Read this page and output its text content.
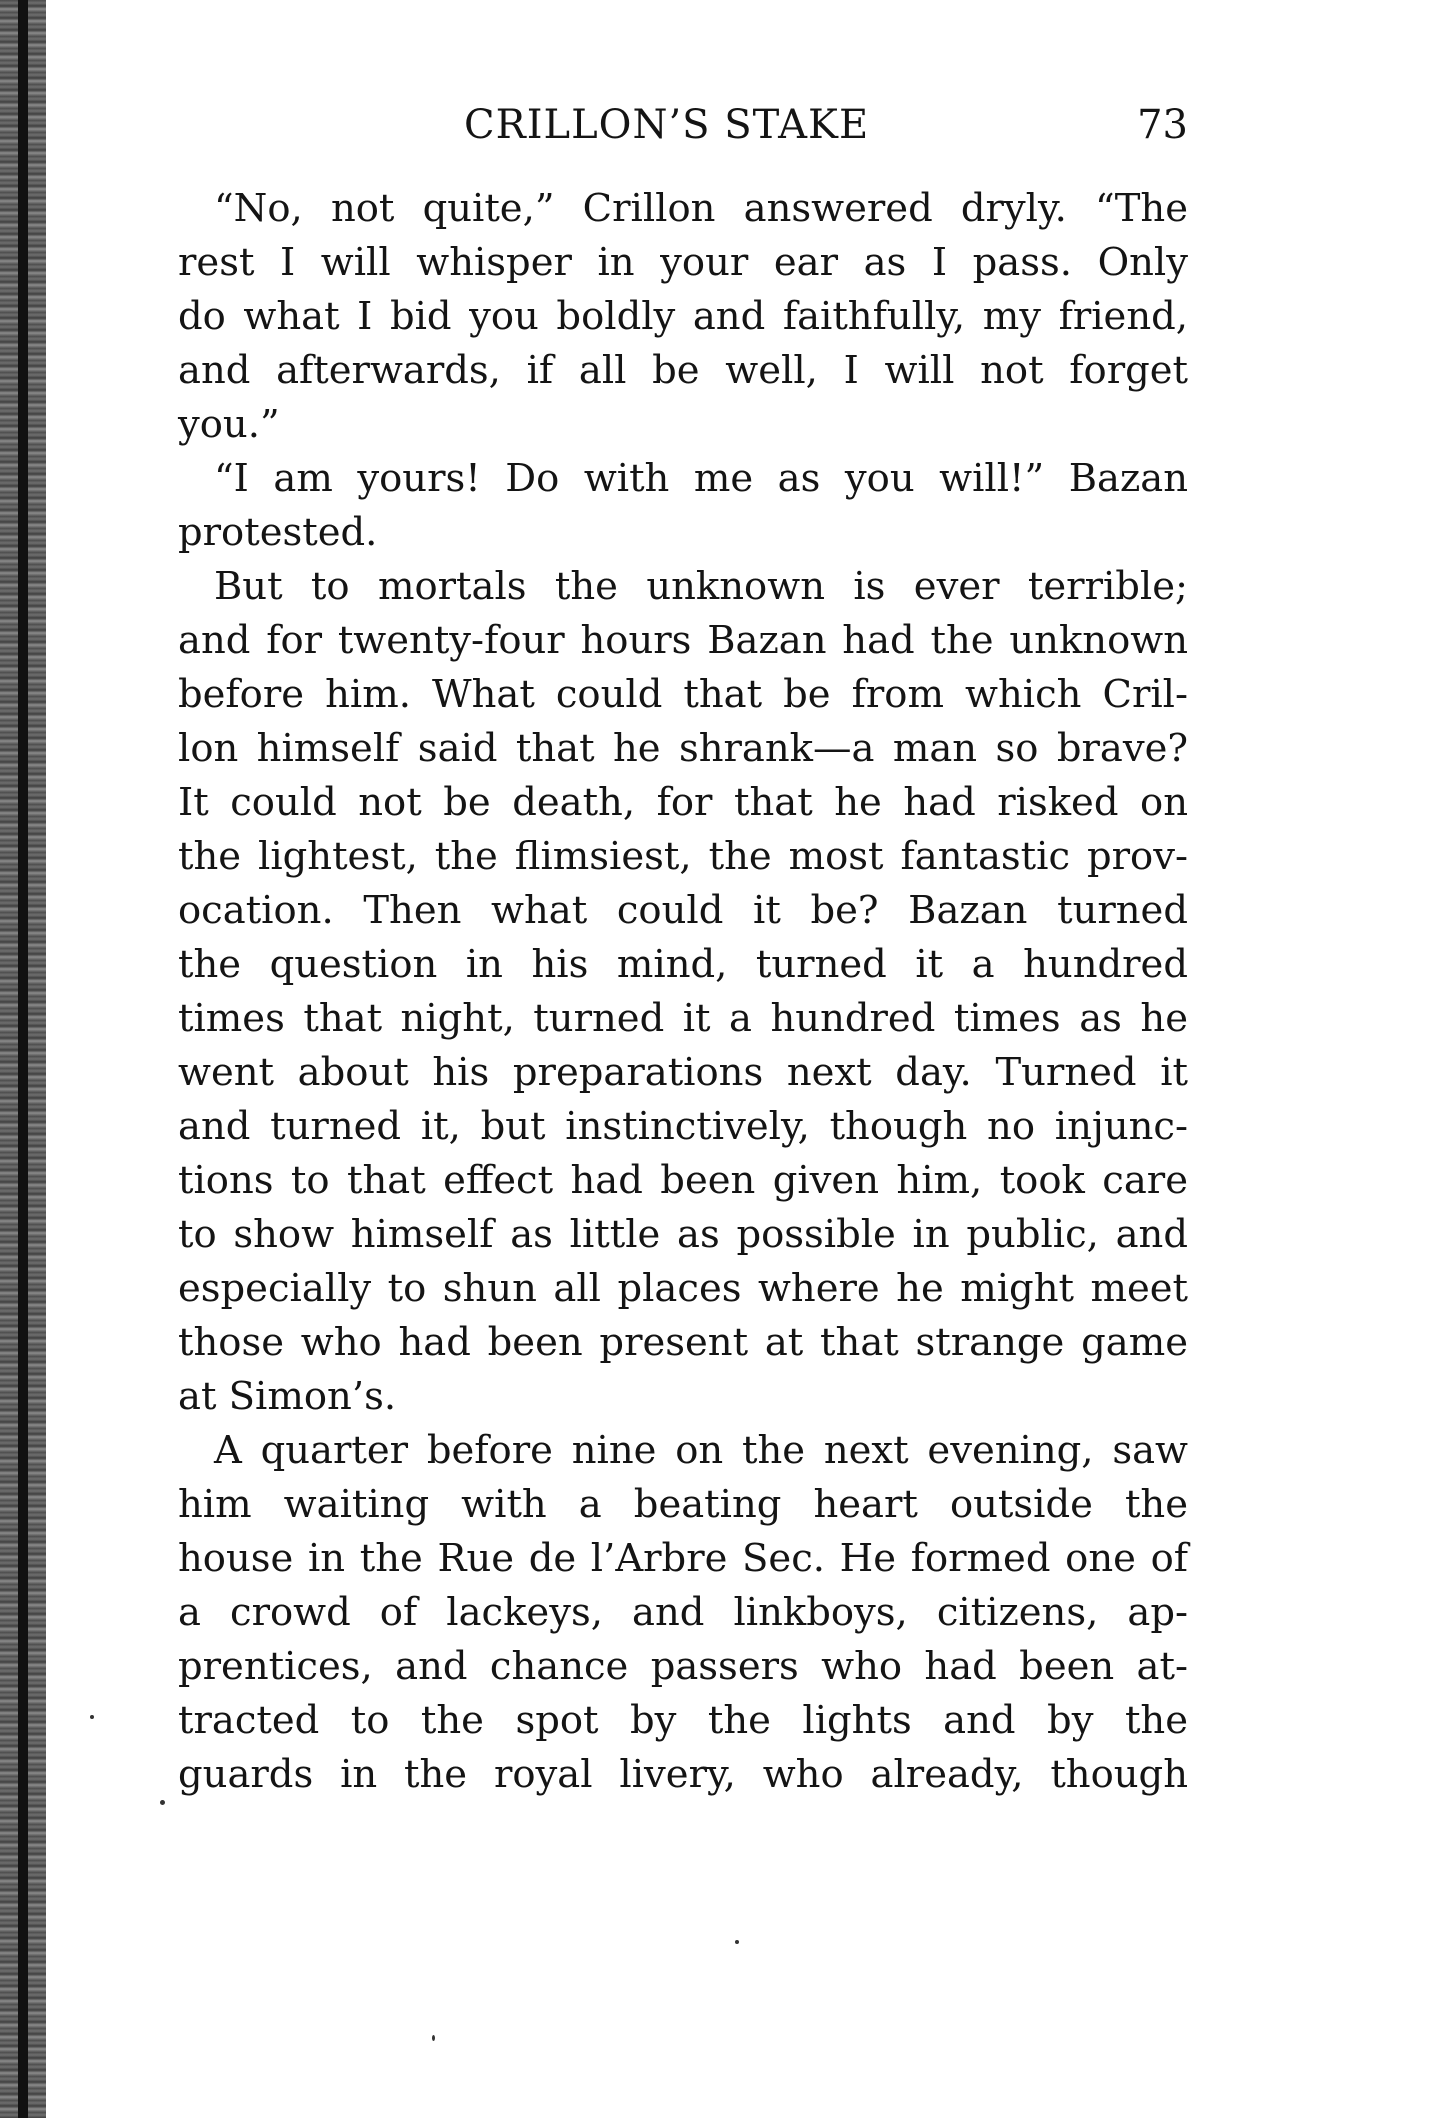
CRILLON’S STAKE	73
“No, not quite,” Crillon answered dryly. “The
rest I will whisper in your ear as I pass. Only
do what I bid you boldly and faithfully, my friend,
and afterwards, if all be well, I will not forget
you.”
“I am yours! Do with me as you will!” Bazan
protested.
But to mortals the unknown is ever terrible;
and for twenty-four hours Bazan had the unknown
before him. What could that be from which Cril-
lon himself said that he shrank—a man so brave?
It could not be death, for that he had risked on
the lightest, the flimsiest, the most fantastic prov-
ocation. Then what could it be? Bazan turned
the question in his mind, turned it a hundred
times that night, turned it a hundred times as he
went about his preparations next day. Turned it
and turned it, but instinctively, though no injunc-
tions to that effect had been given him, took care
to show himself as little as possible in public, and
especially to shun all places where he might meet
those who had been present at that strange game
at Simon’s.
A quarter before nine on the next evening, saw
him waiting with a beating heart outside the
house in the Rue de l’Arbre Sec. He formed one of
a crowd of lackeys, and linkboys, citizens, ap-
prentices, and chance passers who had been at-
tracted to the spot by the lights and by the
guards in the royal livery, who already, though
